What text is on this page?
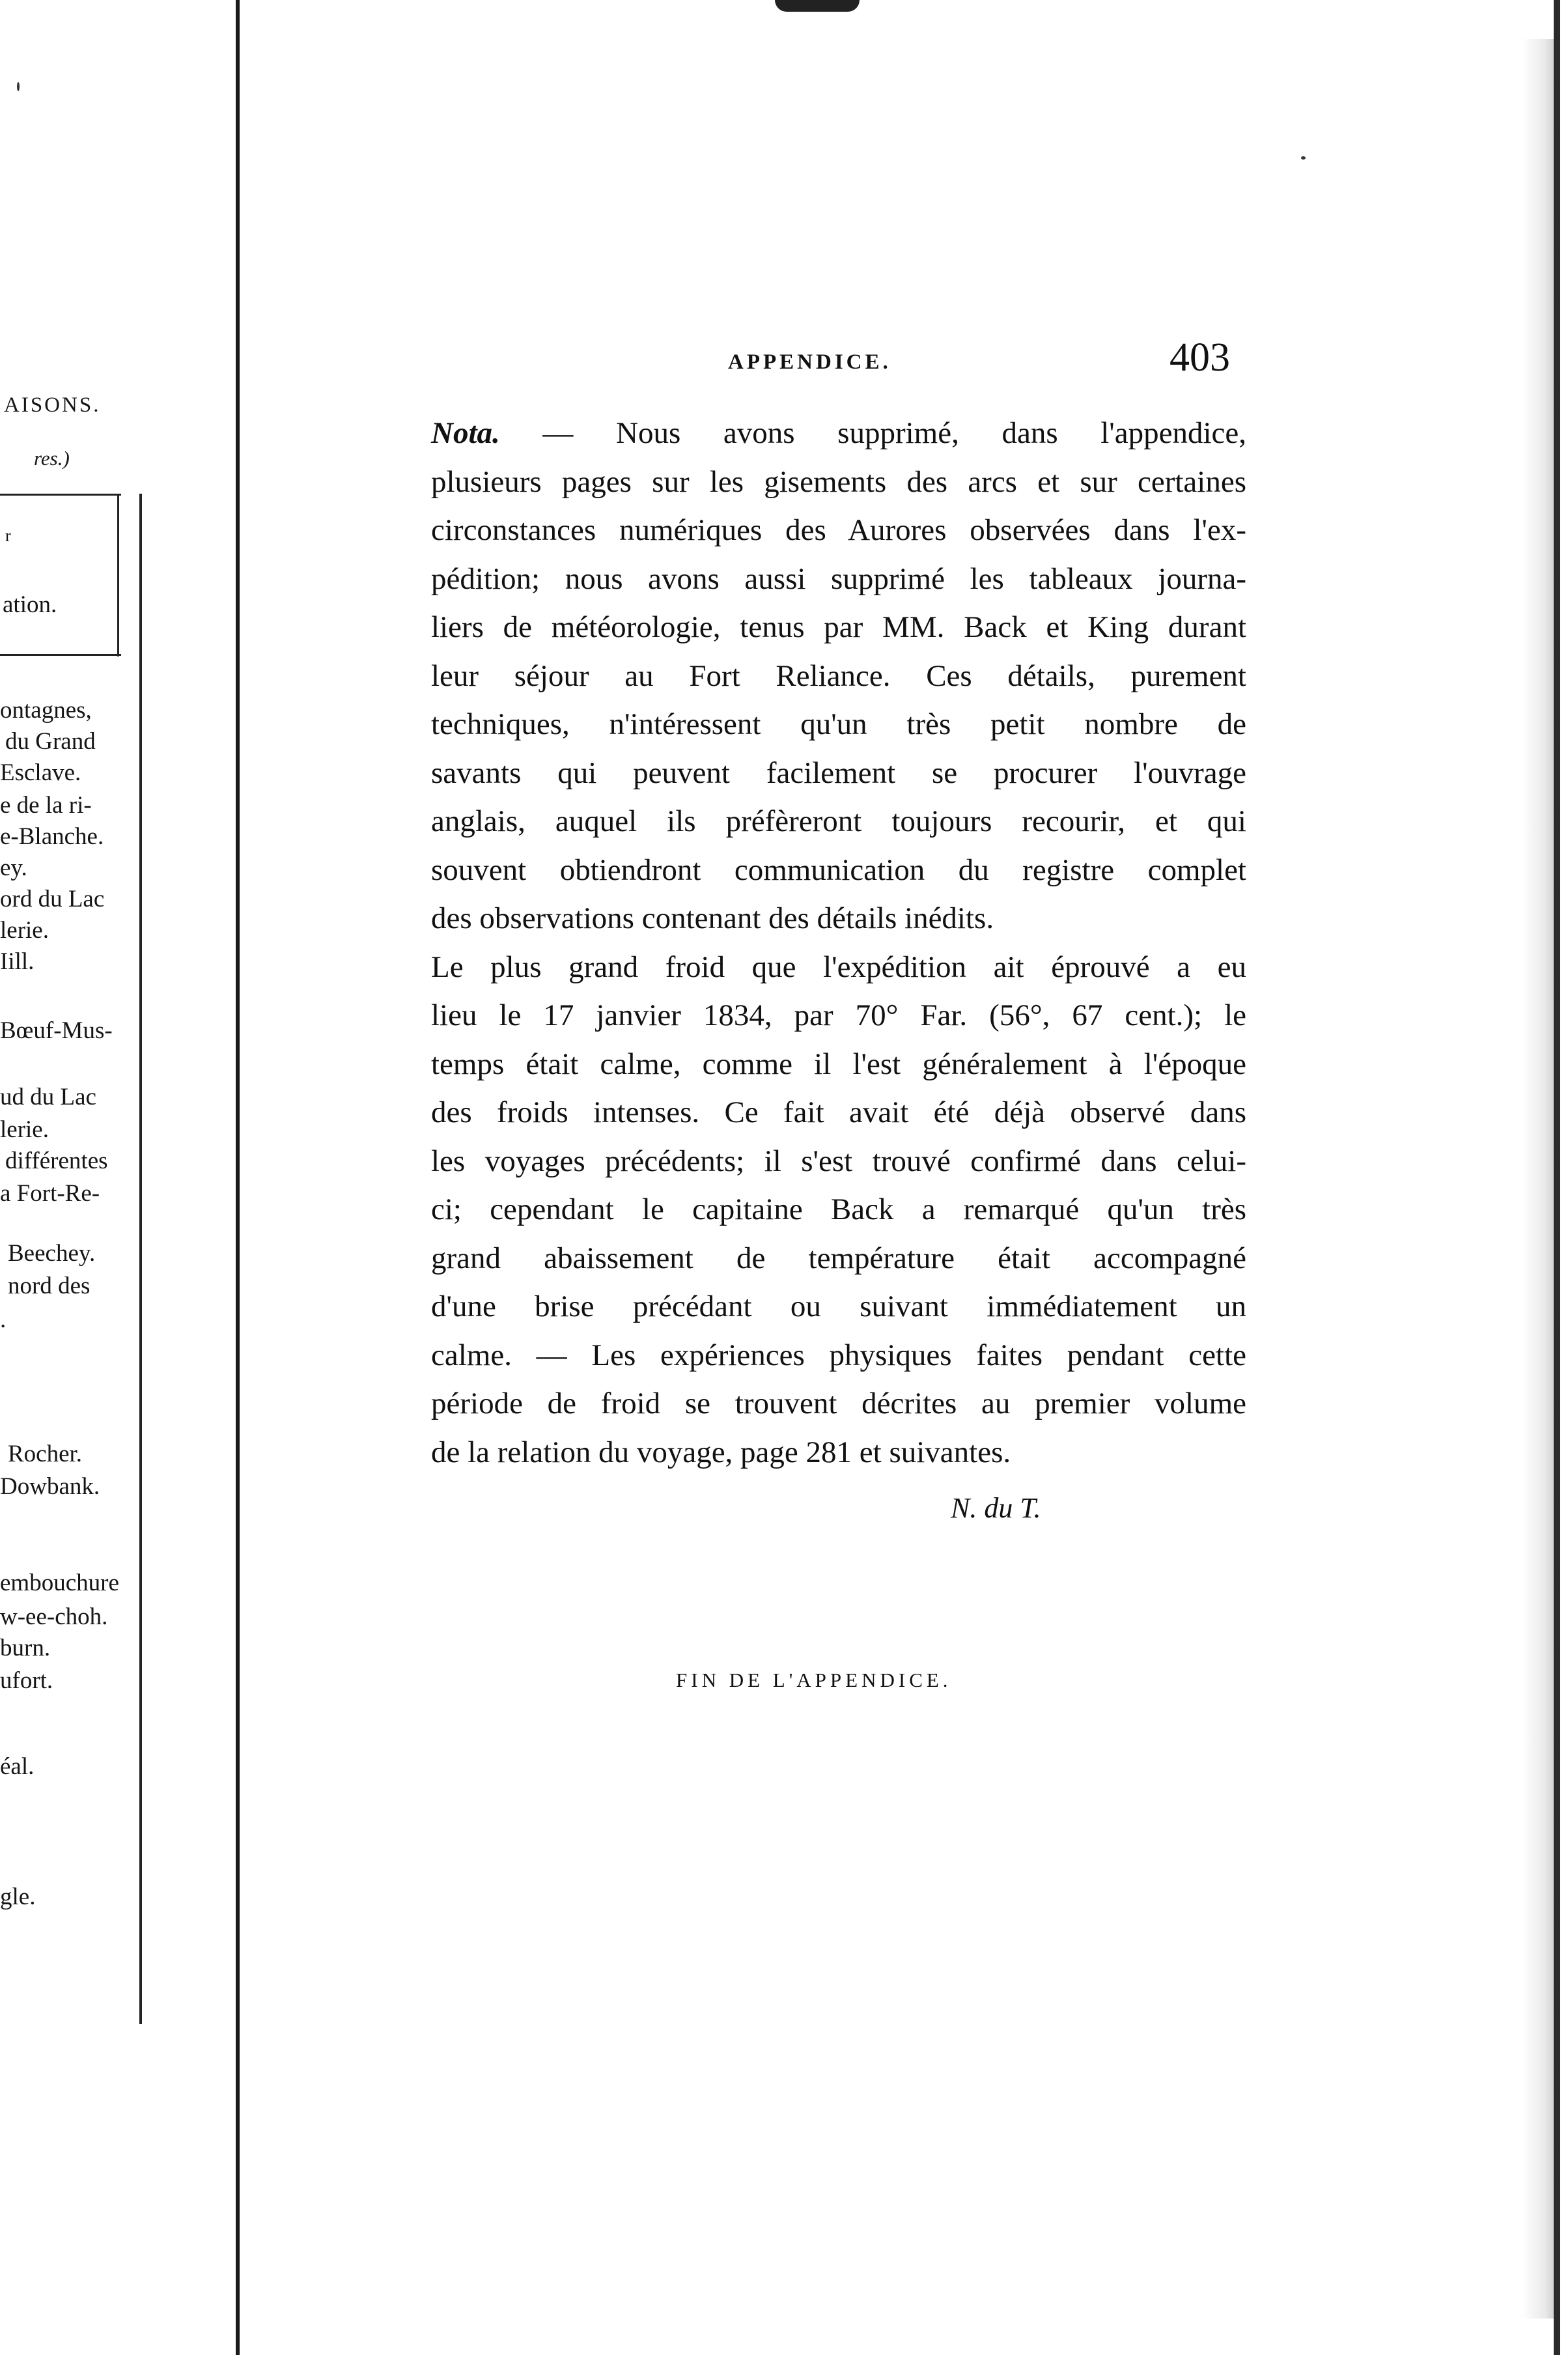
AISONS.
res.)
r
ation.
ontagnes,
du Grand
Esclave.
e de la ri-
e-Blanche.
ey.
ord du Lac
lerie.
Iill.
Bœuf-Mus-
ud du Lac
lerie.
différentes
a Fort-Re-
Beechey.
nord des
.
Rocher.
Dowbank.
embouchure
w-ee-choh.
burn.
ufort.
éal.
gle.
APPENDICE.	403

Nota. — Nous avons supprimé, dans l'appendice,
plusieurs pages sur les gisements des arcs et sur certaines
circonstances numériques des Aurores observées dans l'ex-
pédition; nous avons aussi supprimé les tableaux journa-
liers de météorologie, tenus par MM. Back et King durant
leur séjour au Fort Reliance. Ces détails, purement
techniques, n'intéressent qu'un très petit nombre de
savants qui peuvent facilement se procurer l'ouvrage
anglais, auquel ils préfèreront toujours recourir, et qui
souvent obtiendront communication du registre complet
des observations contenant des détails inédits.

Le plus grand froid que l'expédition ait éprouvé a eu
lieu le 17 janvier 1834, par 70° Far. (56°, 67 cent.); le
temps était calme, comme il l'est généralement à l'époque
des froids intenses. Ce fait avait été déjà observé dans
les voyages précédents; il s'est trouvé confirmé dans celui-
ci; cependant le capitaine Back a remarqué qu'un très
grand abaissement de température était accompagné
d'une brise précédant ou suivant immédiatement un
calme. — Les expériences physiques faites pendant cette
période de froid se trouvent décrites au premier volume
de la relation du voyage, page 281 et suivantes.

N. du T.
FIN DE L'APPENDICE.
